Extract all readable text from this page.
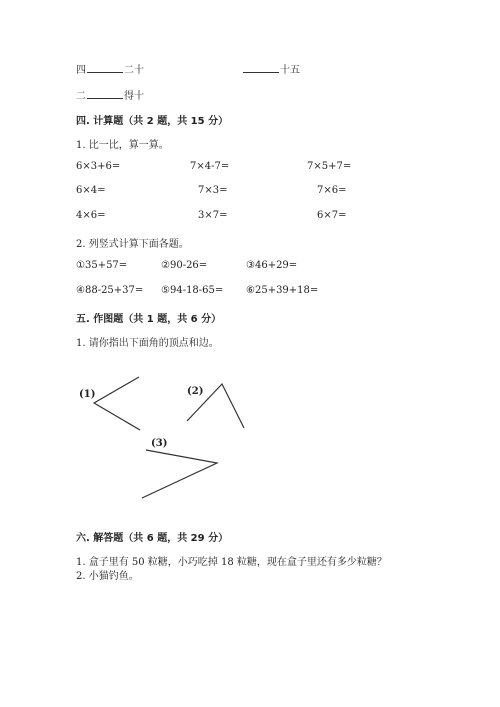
四	二十	十五
二	得十
四. 计算题（共 2 题，共 15 分）
1. 比一比，算一算。
6×3+6=	7×4-7=	7×5+7=
6×4=	7×3=	7×6=
4×6=	3×7=	6×7=
2. 列竖式计算下面各题。
①35+57=	②90-26=	③46+29=
④88-25+37= ⑤94-18-65= ⑥25+39+18=
五. 作图题（共 1 题，共 6 分）
1. 请你指出下面角的顶点和边。
(1)	(2)
(3)
六. 解答题（共 6 题，共 29 分）
1. 盒子里有 50 粒糖，小巧吃掉 18 粒糖，现在盒子里还有多少粒糖？
2. 小猫钓鱼。
